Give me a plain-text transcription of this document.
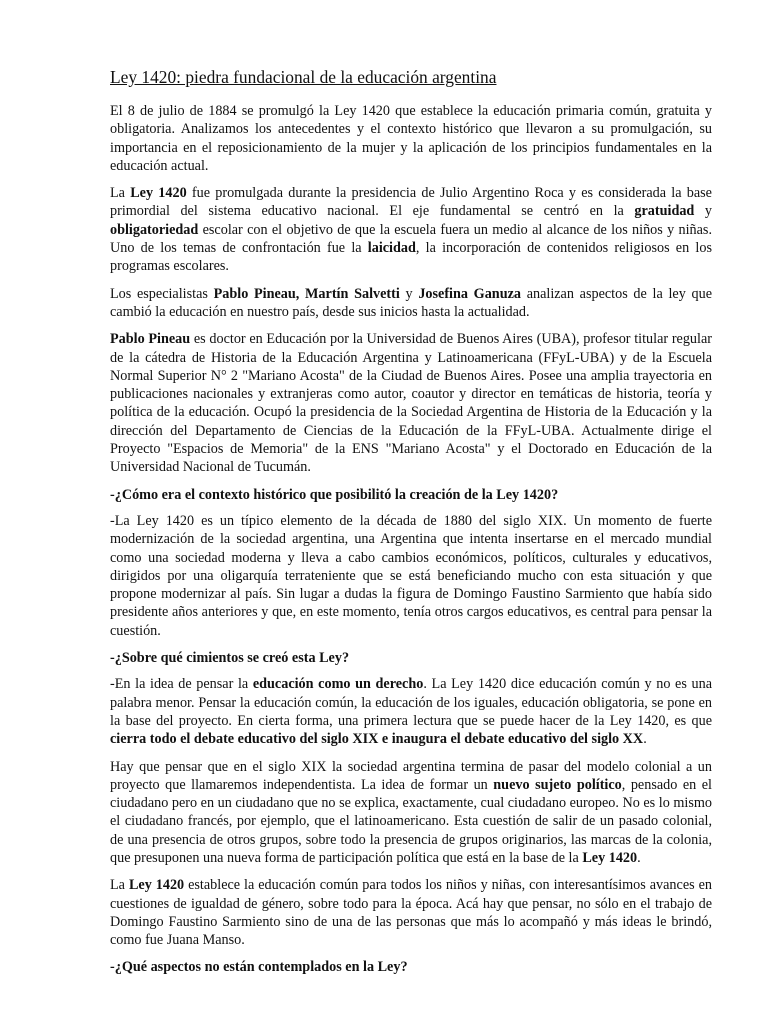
Ley 1420: piedra fundacional de la educación argentina

El 8 de julio de 1884 se promulgó la Ley 1420 que establece la educación primaria común, gratuita y obligatoria. Analizamos los antecedentes y el contexto histórico que llevaron a su promulgación, su importancia en el reposicionamiento de la mujer y la aplicación de los principios fundamentales en la educación actual.

La Ley 1420 fue promulgada durante la presidencia de Julio Argentino Roca y es considerada la base primordial del sistema educativo nacional. El eje fundamental se centró en la gratuidad y obligatoriedad escolar con el objetivo de que la escuela fuera un medio al alcance de los niños y niñas. Uno de los temas de confrontación fue la laicidad, la incorporación de contenidos religiosos en los programas escolares.

Los especialistas Pablo Pineau, Martín Salvetti y Josefina Ganuza analizan aspectos de la ley que cambió la educación en nuestro país, desde sus inicios hasta la actualidad.

Pablo Pineau es doctor en Educación por la Universidad de Buenos Aires (UBA), profesor titular regular de la cátedra de Historia de la Educación Argentina y Latinoamericana (FFyL-UBA) y de la Escuela Normal Superior N° 2 "Mariano Acosta" de la Ciudad de Buenos Aires. Posee una amplia trayectoria en publicaciones nacionales y extranjeras como autor, coautor y director en temáticas de historia, teoría y política de la educación. Ocupó la presidencia de la Sociedad Argentina de Historia de la Educación y la dirección del Departamento de Ciencias de la Educación de la FFyL-UBA. Actualmente dirige el Proyecto "Espacios de Memoria" de la ENS "Mariano Acosta" y el Doctorado en Educación de la Universidad Nacional de Tucumán.

-¿Cómo era el contexto histórico que posibilitó la creación de la Ley 1420?

-La Ley 1420 es un típico elemento de la década de 1880 del siglo XIX. Un momento de fuerte modernización de la sociedad argentina, una Argentina que intenta insertarse en el mercado mundial como una sociedad moderna y lleva a cabo cambios económicos, políticos, culturales y educativos, dirigidos por una oligarquía terrateniente que se está beneficiando mucho con esta situación y que propone modernizar al país. Sin lugar a dudas la figura de Domingo Faustino Sarmiento que había sido presidente años anteriores y que, en este momento, tenía otros cargos educativos, es central para pensar la cuestión.

-¿Sobre qué cimientos se creó esta Ley?

-En la idea de pensar la educación como un derecho. La Ley 1420 dice educación común y no es una palabra menor. Pensar la educación común, la educación de los iguales, educación obligatoria, se pone en la base del proyecto. En cierta forma, una primera lectura que se puede hacer de la Ley 1420, es que cierra todo el debate educativo del siglo XIX e inaugura el debate educativo del siglo XX.

Hay que pensar que en el siglo XIX la sociedad argentina termina de pasar del modelo colonial a un proyecto que llamaremos independentista. La idea de formar un nuevo sujeto político, pensado en el ciudadano pero en un ciudadano que no se explica, exactamente, cual ciudadano europeo. No es lo mismo el ciudadano francés, por ejemplo, que el latinoamericano. Esta cuestión de salir de un pasado colonial, de una presencia de otros grupos, sobre todo la presencia de grupos originarios, las marcas de la colonia, que presuponen una nueva forma de participación política que está en la base de la Ley 1420.

La Ley 1420 establece la educación común para todos los niños y niñas, con interesantísimos avances en cuestiones de igualdad de género, sobre todo para la época. Acá hay que pensar, no sólo en el trabajo de Domingo Faustino Sarmiento sino de una de las personas que más lo acompañó y más ideas le brindó, como fue Juana Manso.

-¿Qué aspectos no están contemplados en la Ley?
